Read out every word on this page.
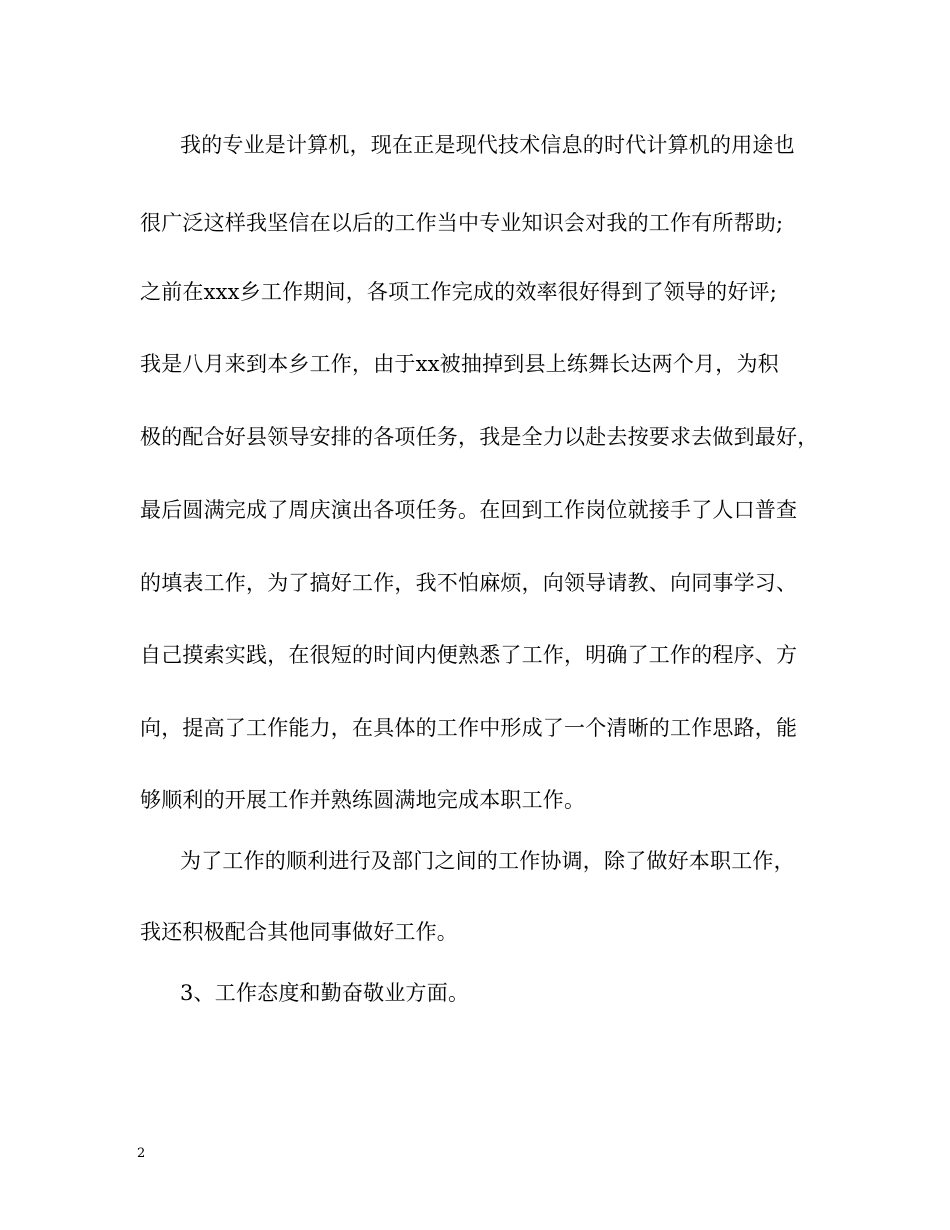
我的专业是计算机，现在正是现代技术信息的时代计算机的用途也
很广泛这样我坚信在以后的工作当中专业知识会对我的工作有所帮助;
之前在xxx乡工作期间，各项工作完成的效率很好得到了领导的好评;
我是八月来到本乡工作，由于xx被抽掉到县上练舞长达两个月，为积
极的配合好县领导安排的各项任务，我是全力以赴去按要求去做到最好，
最后圆满完成了周庆演出各项任务。在回到工作岗位就接手了人口普查
的填表工作，为了搞好工作，我不怕麻烦，向领导请教、向同事学习、
自己摸索实践，在很短的时间内便熟悉了工作，明确了工作的程序、方
向，提高了工作能力，在具体的工作中形成了一个清晰的工作思路，能
够顺利的开展工作并熟练圆满地完成本职工作。
为了工作的顺利进行及部门之间的工作协调，除了做好本职工作，
我还积极配合其他同事做好工作。
3、工作态度和勤奋敬业方面。
2
